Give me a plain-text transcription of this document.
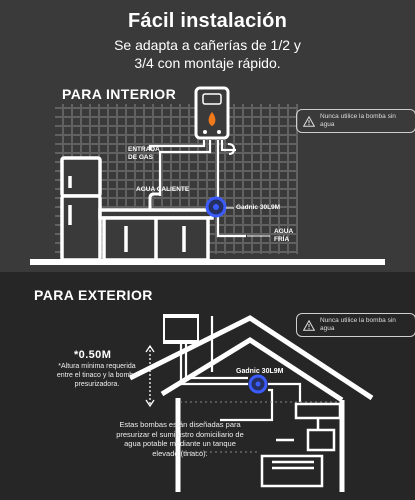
Fácil instalación
Se adapta a cañerías de 1/2 y
3/4 con montaje rápido.
PARA INTERIOR
Nunca utilice la bomba sin agua
ENTRADA DE GAS
AGUA CALIENTE
Gadnic 30L9M
AGUA FRÍA
PARA EXTERIOR
Nunca utilice la bomba sin agua
*0.50M
*Altura mínima requerida entre el tinaco y la bomba presurizadora.
Gadnic 30L9M
Estas bombas están diseñadas para presurizar el suministro domiciliario de agua potable mediante un tanque elevado (tinaco).
